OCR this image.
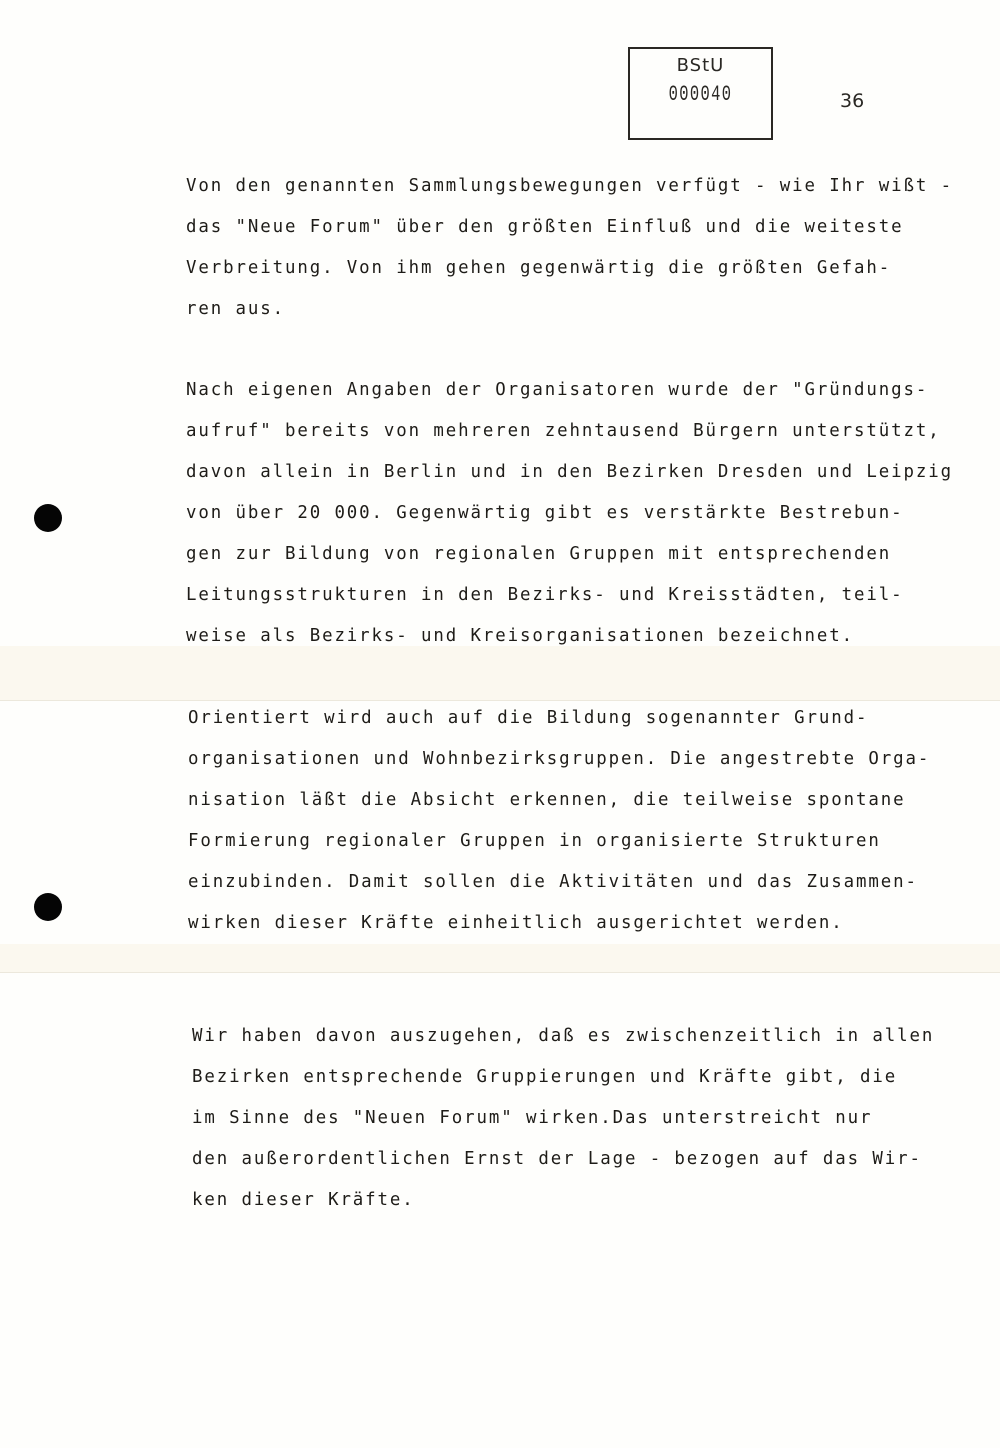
BStU
000040	36
Von den genannten Sammlungsbewegungen verfügt - wie Ihr wißt -
das "Neue Forum" über den größten Einfluß und die weiteste
Verbreitung. Von ihm gehen gegenwärtig die größten Gefah-
ren aus.
Nach eigenen Angaben der Organisatoren wurde der "Gründungs-
aufruf" bereits von mehreren zehntausend Bürgern unterstützt,
davon allein in Berlin und in den Bezirken Dresden und Leipzig
von über 20 000. Gegenwärtig gibt es verstärkte Bestrebun-
gen zur Bildung von regionalen Gruppen mit entsprechenden
Leitungsstrukturen in den Bezirks- und Kreisstädten, teil-
weise als Bezirks- und Kreisorganisationen bezeichnet.
Orientiert wird auch auf die Bildung sogenannter Grund-
organisationen und Wohnbezirksgruppen. Die angestrebte Orga-
nisation läßt die Absicht erkennen, die teilweise spontane
Formierung regionaler Gruppen in organisierte Strukturen
einzubinden. Damit sollen die Aktivitäten und das Zusammen-
wirken dieser Kräfte einheitlich ausgerichtet werden.
Wir haben davon auszugehen, daß es zwischenzeitlich in allen
Bezirken entsprechende Gruppierungen und Kräfte gibt, die
im Sinne des "Neuen Forum" wirken.Das unterstreicht nur
den außerordentlichen Ernst der Lage - bezogen auf das Wir-
ken dieser Kräfte.
